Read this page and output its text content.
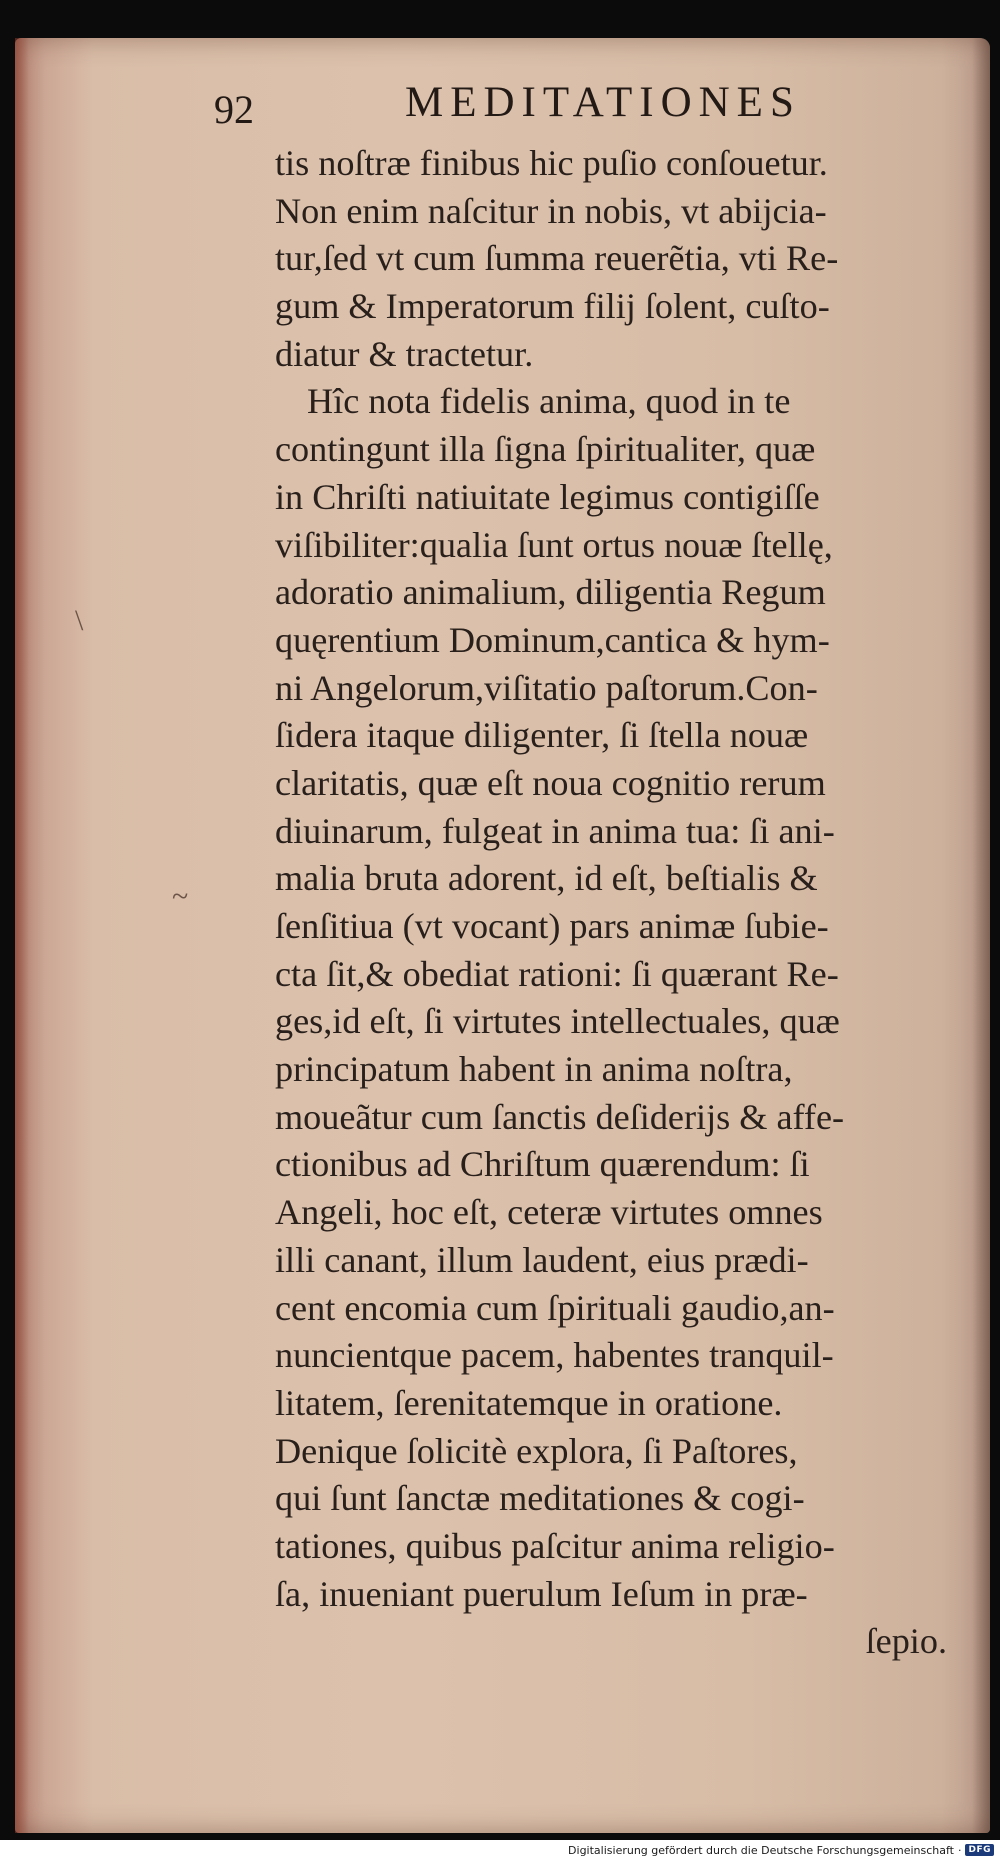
92	MEDITATIONES
\
~
tis noſtræ finibus hic puſio conſouetur.
Non enim naſcitur in nobis, vt abijcia-
tur,ſed vt cum ſumma reuerẽtia, vti Re-
gum & Imperatorum filij ſolent, cuſto-
diatur & tractetur.
Hîc nota fidelis anima, quod in te
contingunt illa ſigna ſpiritualiter, quæ
in Chriſti natiuitate legimus contigiſſe
viſibiliter:qualia ſunt ortus nouæ ſtellę,
adoratio animalium, diligentia Regum
quęrentium Dominum,cantica & hym-
ni Angelorum,viſitatio paſtorum.Con-
ſidera itaque diligenter, ſi ſtella nouæ
claritatis, quæ eſt noua cognitio rerum
diuinarum, fulgeat in anima tua: ſi ani-
malia bruta adorent, id eſt, beſtialis &
ſenſitiua (vt vocant) pars animæ ſubie-
cta ſit,& obediat rationi: ſi quærant Re-
ges,id eſt, ſi virtutes intellectuales, quæ
principatum habent in anima noſtra,
moueãtur cum ſanctis deſiderijs & affe-
ctionibus ad Chriſtum quærendum: ſi
Angeli, hoc eſt, ceteræ virtutes omnes
illi canant, illum laudent, eius prædi-
cent encomia cum ſpirituali gaudio,an-
nuncientque pacem, habentes tranquil-
litatem, ſerenitatemque in oratione.
Denique ſolicitè explora, ſi Paſtores,
qui ſunt ſanctæ meditationes & cogi-
tationes, quibus paſcitur anima religio-
ſa, inueniant puerulum Ieſum in præ-
ſepio.
Digitalisierung gefördert durch die Deutsche Forschungsgemeinschaft · DFG
